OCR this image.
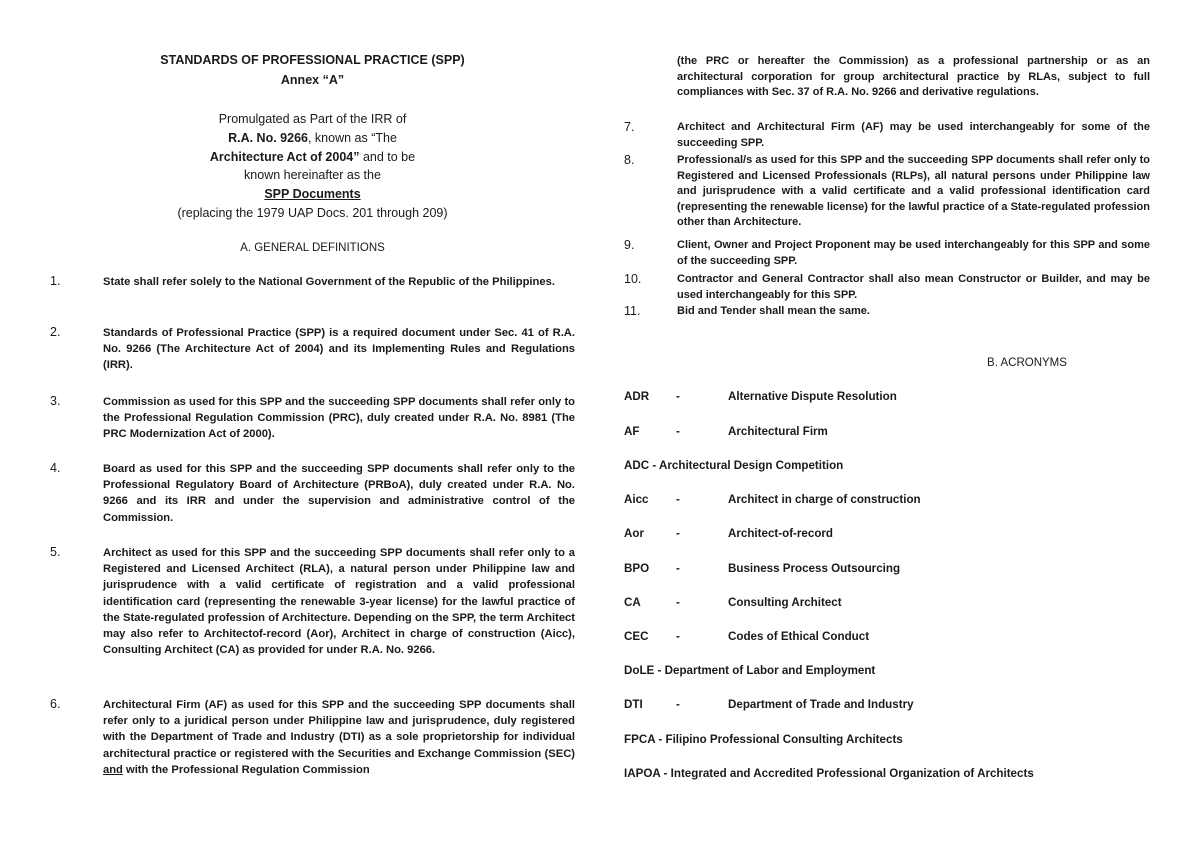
STANDARDS OF PROFESSIONAL PRACTICE (SPP)
Annex “A”
Promulgated as Part of the IRR of
R.A. No. 9266, known as “The
Architecture Act of 2004” and to be
known hereinafter as the
SPP Documents
(replacing the 1979 UAP Docs. 201 through 209)
A. GENERAL DEFINITIONS
1.	State shall refer solely to the National Government of the Republic of the Philippines.
2.	Standards of Professional Practice (SPP) is a required document under Sec. 41 of R.A. No. 9266 (The Architecture Act of 2004) and its Implementing Rules and Regulations (IRR).
3.	Commission as used for this SPP and the succeeding SPP documents shall refer only to the Professional Regulation Commission (PRC), duly created under R.A. No. 8981 (The PRC Modernization Act of 2000).
4.	Board as used for this SPP and the succeeding SPP documents shall refer only to the Professional Regulatory Board of Architecture (PRBoA), duly created under R.A. No. 9266 and its IRR and under the supervision and administrative control of the Commission.
5.	Architect as used for this SPP and the succeeding SPP documents shall refer only to a Registered and Licensed Architect (RLA), a natural person under Philippine law and jurisprudence with a valid certificate of registration and a valid professional identification card (representing the renewable 3-year license) for the lawful practice of the State-regulated profession of Architecture. Depending on the SPP, the term Architect may also refer to Architectof-record (Aor), Architect in charge of construction (Aicc), Consulting Architect (CA) as provided for under R.A. No. 9266.
6.	Architectural Firm (AF) as used for this SPP and the succeeding SPP documents shall refer only to a juridical person under Philippine law and jurisprudence, duly registered with the Department of Trade and Industry (DTI) as a sole proprietorship for individual architectural practice or registered with the Securities and Exchange Commission (SEC) and with the Professional Regulation Commission
(the PRC or hereafter the Commission) as a professional partnership or as an architectural corporation for group architectural practice by RLAs, subject to full compliances with Sec. 37 of R.A. No. 9266 and derivative regulations.
7.	Architect and Architectural Firm (AF) may be used interchangeably for some of the succeeding SPP.
8.	Professional/s as used for this SPP and the succeeding SPP documents shall refer only to Registered and Licensed Professionals (RLPs), all natural persons under Philippine law and jurisprudence with a valid certificate and a valid professional identification card (representing the renewable license) for the lawful practice of a State-regulated profession other than Architecture.
9.	Client, Owner and Project Proponent may be used interchangeably for this SPP and some of the succeeding SPP.
10.	Contractor and General Contractor shall also mean Constructor or Builder, and may be used interchangeably for this SPP.
11.	Bid and Tender shall mean the same.
B. ACRONYMS
ADR -	Alternative Dispute Resolution
AF	-	Architectural Firm
ADC - Architectural Design Competition
Aicc -	Architect in charge of construction
Aor	-	Architect-of-record
BPO -	Business Process Outsourcing
CA	-	Consulting Architect
CEC -	Codes of Ethical Conduct
DoLE - Department of Labor and Employment
DTI	-	Department of Trade and Industry
FPCA - Filipino Professional Consulting Architects
IAPOA - Integrated and Accredited Professional Organization of Architects
